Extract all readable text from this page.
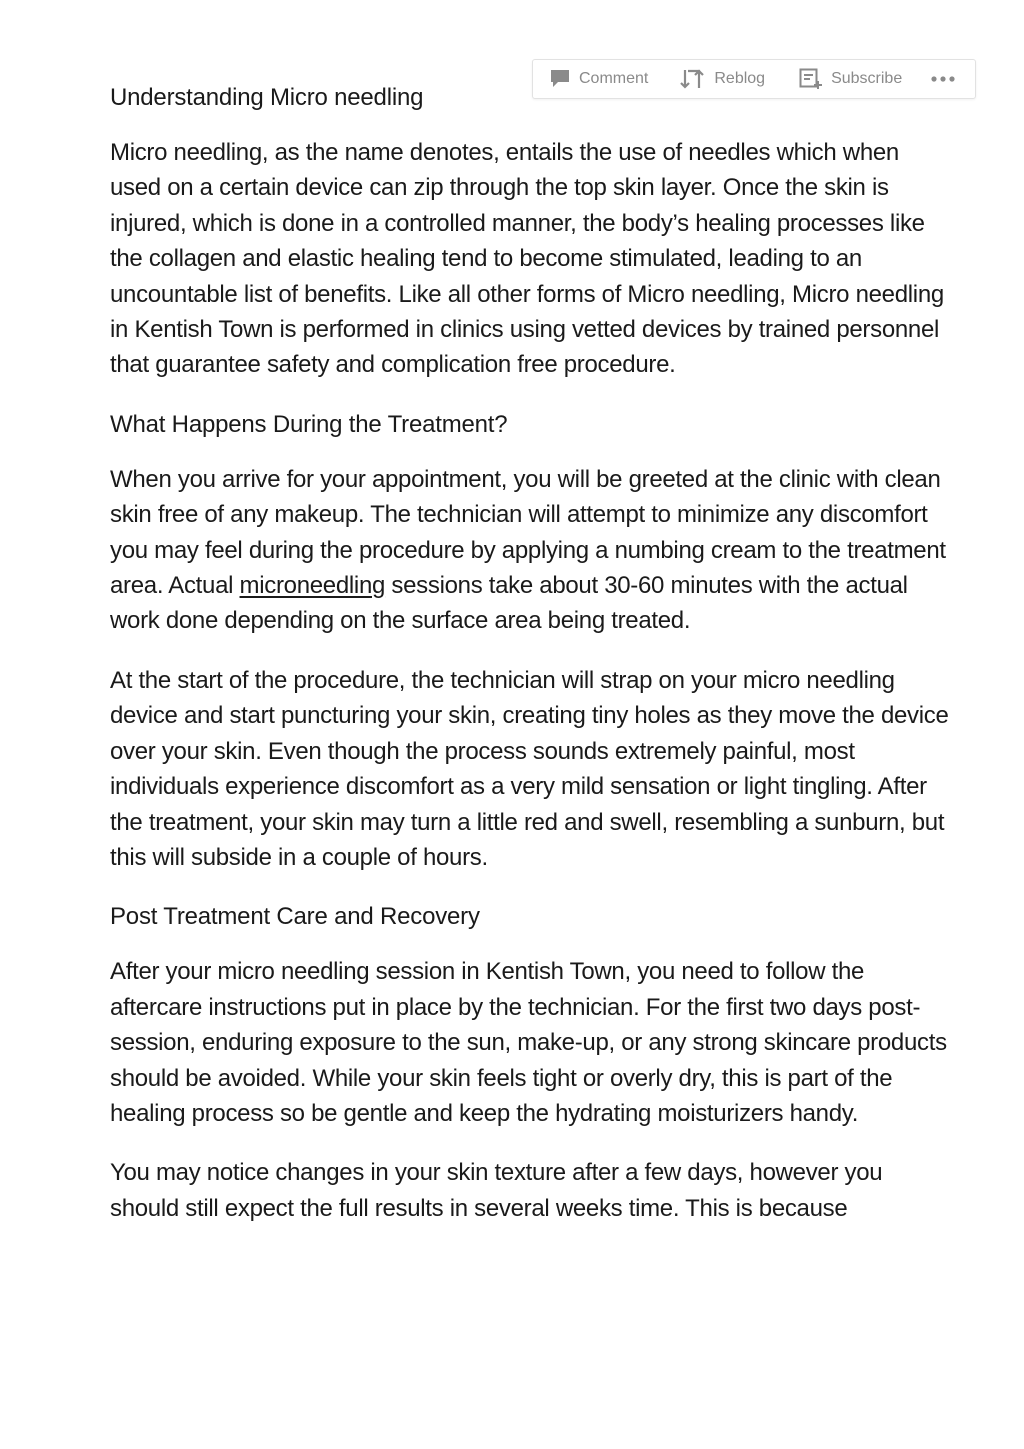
Comment	Reblog	Subscribe
Understanding Micro needling

Micro needling, as the name denotes, entails the use of needles which when used on a certain device can zip through the top skin layer. Once the skin is injured, which is done in a controlled manner, the body’s healing processes like the collagen and elastic healing tend to become stimulated, leading to an uncountable list of benefits. Like all other forms of Micro needling, Micro needling in Kentish Town is performed in clinics using vetted devices by trained personnel that guarantee safety and complication free procedure.

What Happens During the Treatment?

When you arrive for your appointment, you will be greeted at the clinic with clean skin free of any makeup. The technician will attempt to minimize any discomfort you may feel during the procedure by applying a numbing cream to the treatment area. Actual microneedling sessions take about 30-60 minutes with the actual work done depending on the surface area being treated.

At the start of the procedure, the technician will strap on your micro needling device and start puncturing your skin, creating tiny holes as they move the device over your skin. Even though the process sounds extremely painful, most individuals experience discomfort as a very mild sensation or light tingling. After the treatment, your skin may turn a little red and swell, resembling a sunburn, but this will subside in a couple of hours.

Post Treatment Care and Recovery

After your micro needling session in Kentish Town, you need to follow the aftercare instructions put in place by the technician. For the first two days post-session, enduring exposure to the sun, make-up, or any strong skincare products should be avoided. While your skin feels tight or overly dry, this is part of the healing process so be gentle and keep the hydrating moisturizers handy.

You may notice changes in your skin texture after a few days, however you should still expect the full results in several weeks time. This is because
